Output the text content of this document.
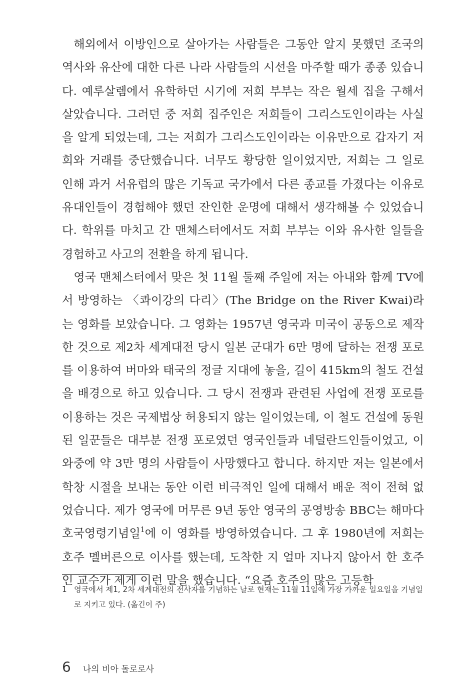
해외에서 이방인으로 살아가는 사람들은 그동안 알지 못했던 조국의 역사와 유산에 대한 다른 나라 사람들의 시선을 마주할 때가 종종 있습니다. 예루살렘에서 유학하던 시기에 저희 부부는 작은 월세 집을 구해서 살았습니다. 그러던 중 저희 집주인은 저희들이 그리스도인이라는 사실을 알게 되었는데, 그는 저희가 그리스도인이라는 이유만으로 갑자기 저희와 거래를 중단했습니다. 너무도 황당한 일이었지만, 저희는 그 일로 인해 과거 서유럽의 많은 기독교 국가에서 다른 종교를 가졌다는 이유로 유대인들이 경험해야 했던 잔인한 운명에 대해서 생각해볼 수 있었습니다. 학위를 마치고 간 맨체스터에서도 저희 부부는 이와 유사한 일들을 경험하고 사고의 전환을 하게 됩니다.

영국 맨체스터에서 맞은 첫 11월 둘째 주일에 저는 아내와 함께 TV에서 방영하는 〈콰이강의 다리〉(The Bridge on the River Kwai)라는 영화를 보았습니다. 그 영화는 1957년 영국과 미국이 공동으로 제작한 것으로 제2차 세계대전 당시 일본 군대가 6만 명에 달하는 전쟁 포로를 이용하여 버마와 태국의 정글 지대에 놓을, 길이 415km의 철도 건설을 배경으로 하고 있습니다. 그 당시 전쟁과 관련된 사업에 전쟁 포로를 이용하는 것은 국제법상 허용되지 않는 일이었는데, 이 철도 건설에 동원된 일꾼들은 대부분 전쟁 포로였던 영국인들과 네덜란드인들이었고, 이 와중에 약 3만 명의 사람들이 사망했다고 합니다. 하지만 저는 일본에서 학창 시절을 보내는 동안 이런 비극적인 일에 대해서 배운 적이 전혀 없었습니다. 제가 영국에 머무른 9년 동안 영국의 공영방송 BBC는 해마다 호국영령기념일$^1$에 이 영화를 방영하였습니다. 그 후 1980년에 저희는 호주 멜버른으로 이사를 했는데, 도착한 지 얼마 지나지 않아서 한 호주인 교수가 제게 이런 말을 했습니다. “요즘 호주의 많은 고등학

1 영국에서 제1, 2차 세계대전의 전사자를 기념하는 날로 현재는 11월 11일에 가장 가까운 일요일을 기념일로 지키고 있다. (옮긴이 주)
6 나의 비아 돌로로사
